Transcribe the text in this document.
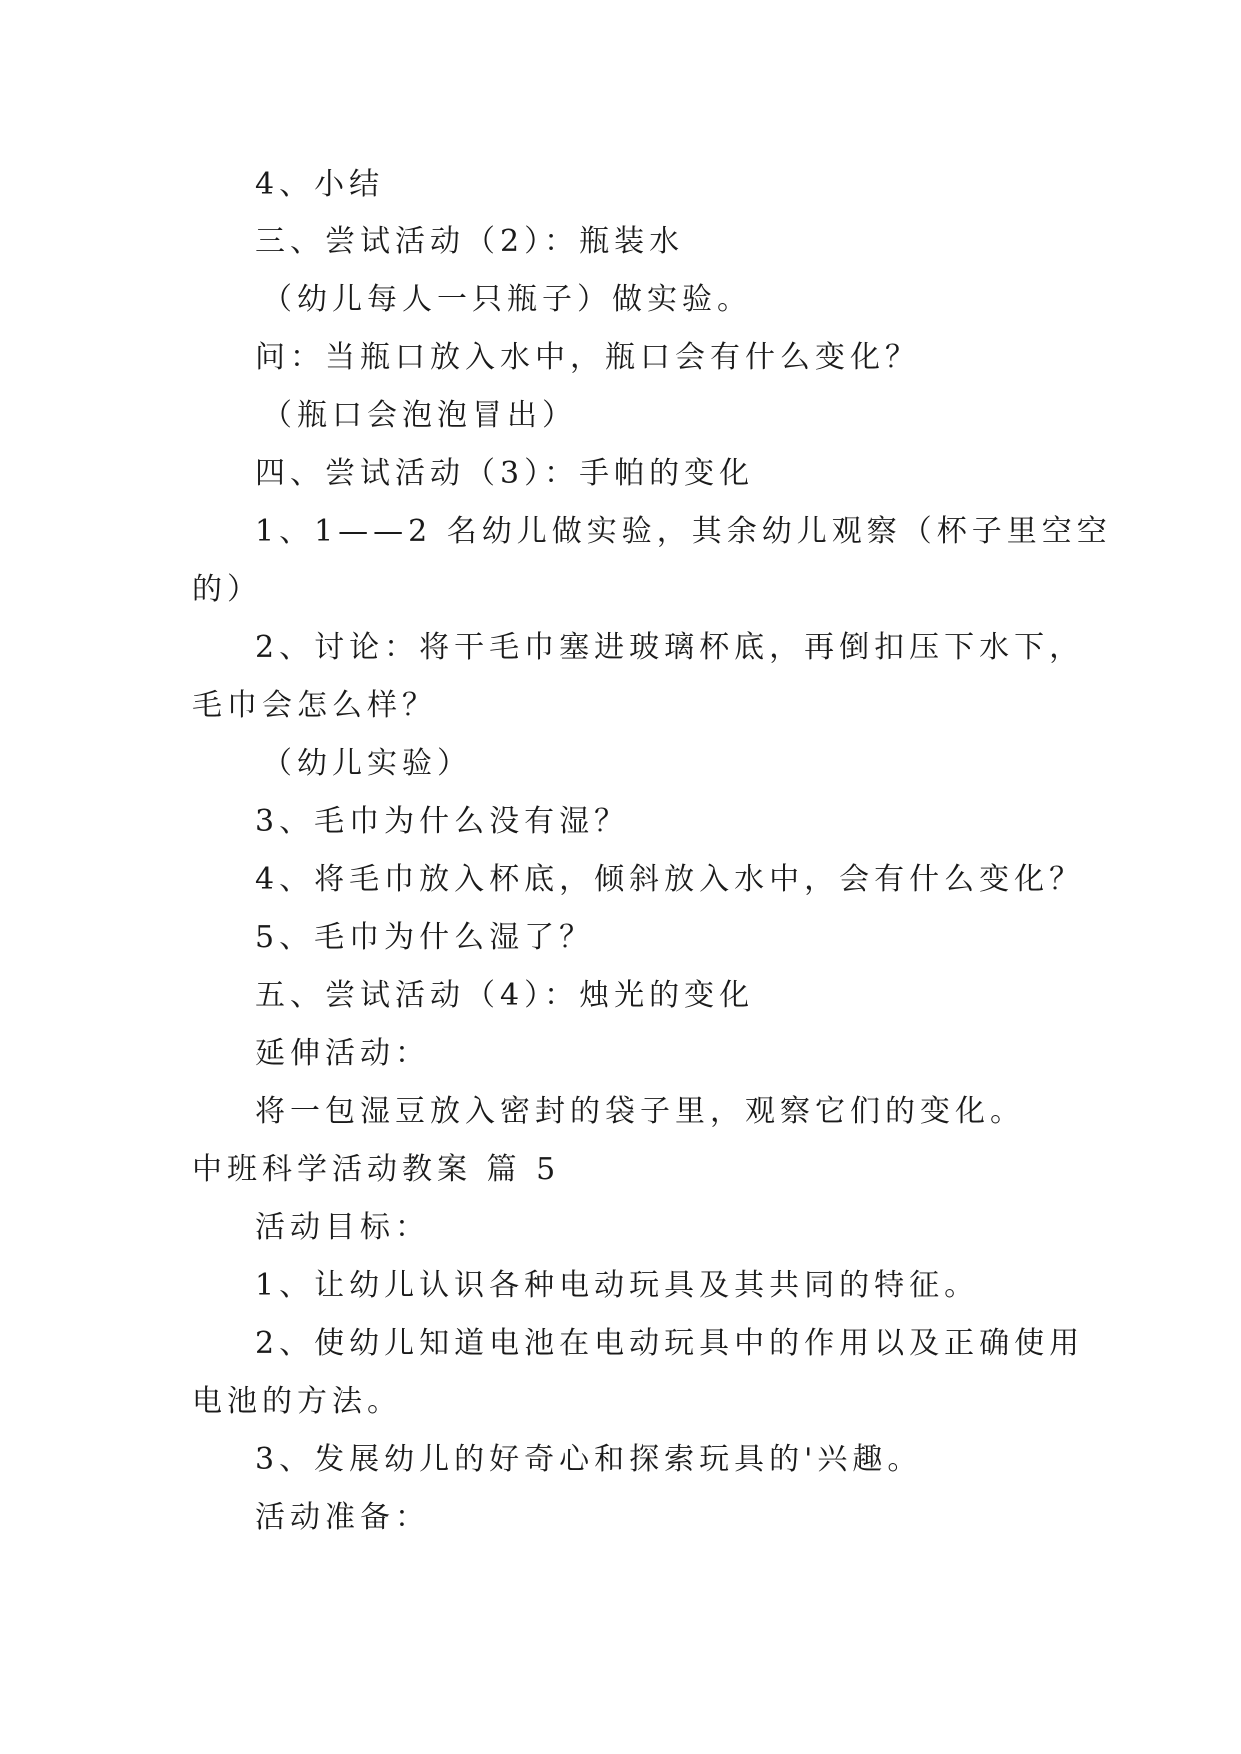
4、小结
三、尝试活动（2）：瓶装水
（幼儿每人一只瓶子）做实验。
问：当瓶口放入水中，瓶口会有什么变化？
（瓶口会泡泡冒出）
四、尝试活动（3）：手帕的变化
1、1——2 名幼儿做实验，其余幼儿观察（杯子里空空
的）
2、讨论：将干毛巾塞进玻璃杯底，再倒扣压下水下，
毛巾会怎么样？
（幼儿实验）
3、毛巾为什么没有湿？
4、将毛巾放入杯底，倾斜放入水中，会有什么变化？
5、毛巾为什么湿了？
五、尝试活动（4）：烛光的变化
延伸活动：
将一包湿豆放入密封的袋子里，观察它们的变化。
中班科学活动教案 篇 5
活动目标：
1、让幼儿认识各种电动玩具及其共同的特征。
2、使幼儿知道电池在电动玩具中的作用以及正确使用
电池的方法。
3、发展幼儿的好奇心和探索玩具的'兴趣。
活动准备：
